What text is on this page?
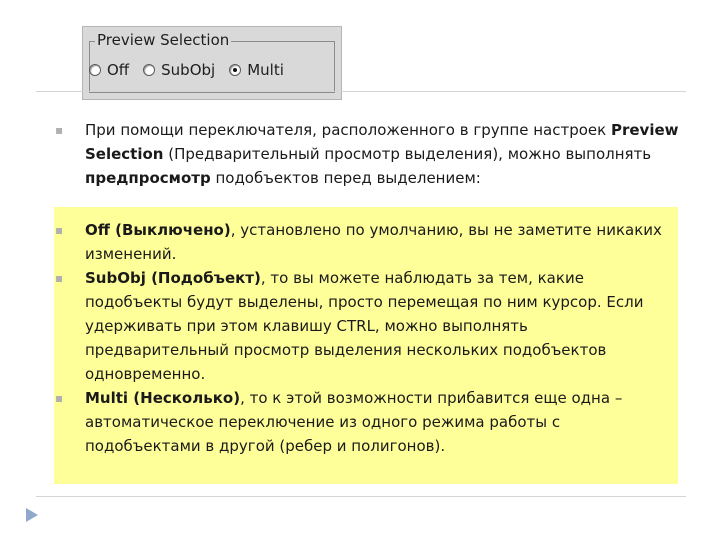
Preview Selection
Off SubObj Multi
▪ При помощи переключателя, расположенного в группе настроек Preview Selection (Предварительный просмотр выделения), можно выполнять предпросмотр подобъектов перед выделением:
▪ Off (Выключено), установлено по умолчанию, вы не заметите никаких изменений.
▪ SubObj (Подобъект), то вы можете наблюдать за тем, какие подобъекты будут выделены, просто перемещая по ним курсор. Если удерживать при этом клавишу CTRL, можно выполнять предварительный просмотр выделения нескольких подобъектов одновременно.
▪ Multi (Несколько), то к этой возможности прибавится еще одна – автоматическое переключение из одного режима работы с подобъектами в другой (ребер и полигонов).
